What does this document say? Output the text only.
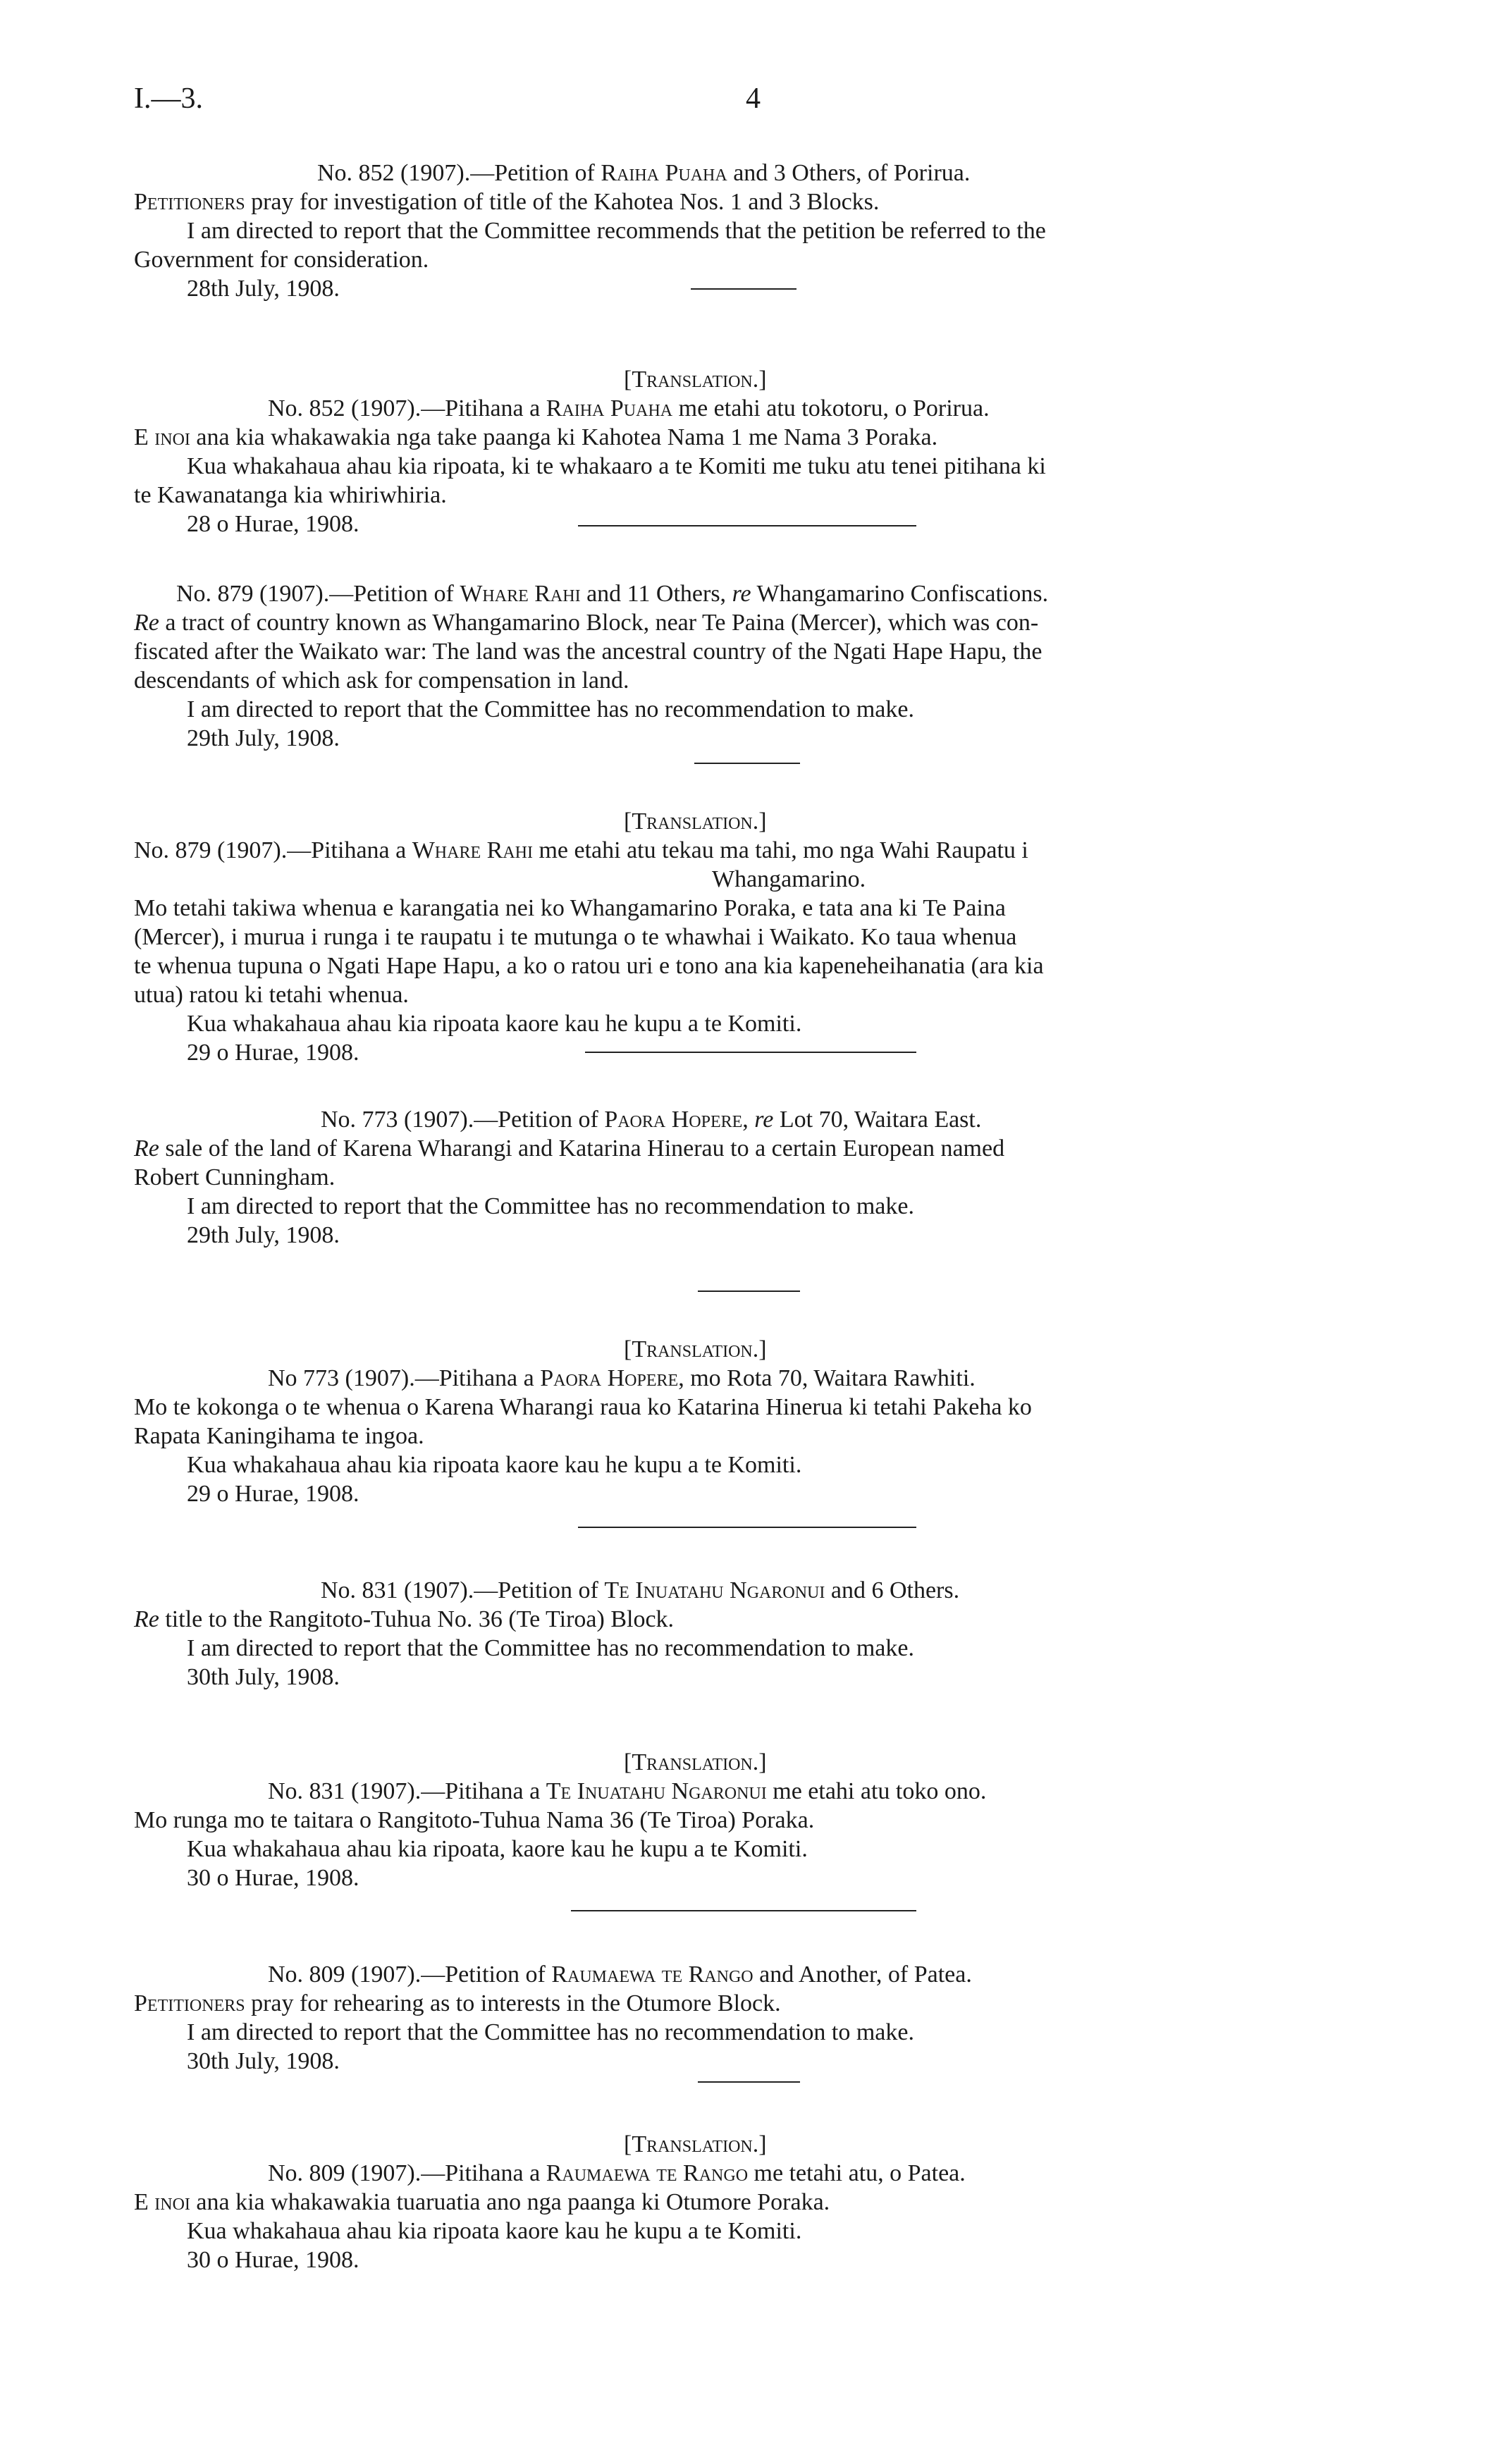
I.—3.	4
No. 852 (1907).—Petition of Raiha Puaha and 3 Others, of Porirua.
Petitioners pray for investigation of title of the Kahotea Nos. 1 and 3 Blocks.
I am directed to report that the Committee recommends that the petition be referred to the
Government for consideration.
28th July, 1908.
[Translation.]
No. 852 (1907).—Pitihana a Raiha Puaha me etahi atu tokotoru, o Porirua.
E inoi ana kia whakawakia nga take paanga ki Kahotea Nama 1 me Nama 3 Poraka.
Kua whakahaua ahau kia ripoata, ki te whakaaro a te Komiti me tuku atu tenei pitihana ki
te Kawanatanga kia whiriwhiria.
28 o Hurae, 1908.
No. 879 (1907).—Petition of Whare Rahi and 11 Others, re Whangamarino Confiscations.
Re a tract of country known as Whangamarino Block, near Te Paina (Mercer), which was con-
fiscated after the Waikato war: The land was the ancestral country of the Ngati Hape Hapu, the
descendants of which ask for compensation in land.
I am directed to report that the Committee has no recommendation to make.
29th July, 1908.
[Translation.]
No. 879 (1907).—Pitihana a Whare Rahi me etahi atu tekau ma tahi, mo nga Wahi Raupatu i
Whangamarino.
Mo tetahi takiwa whenua e karangatia nei ko Whangamarino Poraka, e tata ana ki Te Paina
(Mercer), i murua i runga i te raupatu i te mutunga o te whawhai i Waikato. Ko taua whenua
te whenua tupuna o Ngati Hape Hapu, a ko o ratou uri e tono ana kia kapeneheihanatia (ara kia
utua) ratou ki tetahi whenua.
Kua whakahaua ahau kia ripoata kaore kau he kupu a te Komiti.
29 o Hurae, 1908.
No. 773 (1907).—Petition of Paora Hopere, re Lot 70, Waitara East.
Re sale of the land of Karena Wharangi and Katarina Hinerau to a certain European named
Robert Cunningham.
I am directed to report that the Committee has no recommendation to make.
29th July, 1908.
[Translation.]
No 773 (1907).—Pitihana a Paora Hopere, mo Rota 70, Waitara Rawhiti.
Mo te kokonga o te whenua o Karena Wharangi raua ko Katarina Hinerua ki tetahi Pakeha ko
Rapata Kaningihama te ingoa.
Kua whakahaua ahau kia ripoata kaore kau he kupu a te Komiti.
29 o Hurae, 1908.
No. 831 (1907).—Petition of Te Inuatahu Ngaronui and 6 Others.
Re title to the Rangitoto-Tuhua No. 36 (Te Tiroa) Block.
I am directed to report that the Committee has no recommendation to make.
30th July, 1908.
[Translation.]
No. 831 (1907).—Pitihana a Te Inuatahu Ngaronui me etahi atu toko ono.
Mo runga mo te taitara o Rangitoto-Tuhua Nama 36 (Te Tiroa) Poraka.
Kua whakahaua ahau kia ripoata, kaore kau he kupu a te Komiti.
30 o Hurae, 1908.
No. 809 (1907).—Petition of Raumaewa te Rango and Another, of Patea.
Petitioners pray for rehearing as to interests in the Otumore Block.
I am directed to report that the Committee has no recommendation to make.
30th July, 1908.
[Translation.]
No. 809 (1907).—Pitihana a Raumaewa te Rango me tetahi atu, o Patea.
E inoi ana kia whakawakia tuaruatia ano nga paanga ki Otumore Poraka.
Kua whakahaua ahau kia ripoata kaore kau he kupu a te Komiti.
30 o Hurae, 1908.
